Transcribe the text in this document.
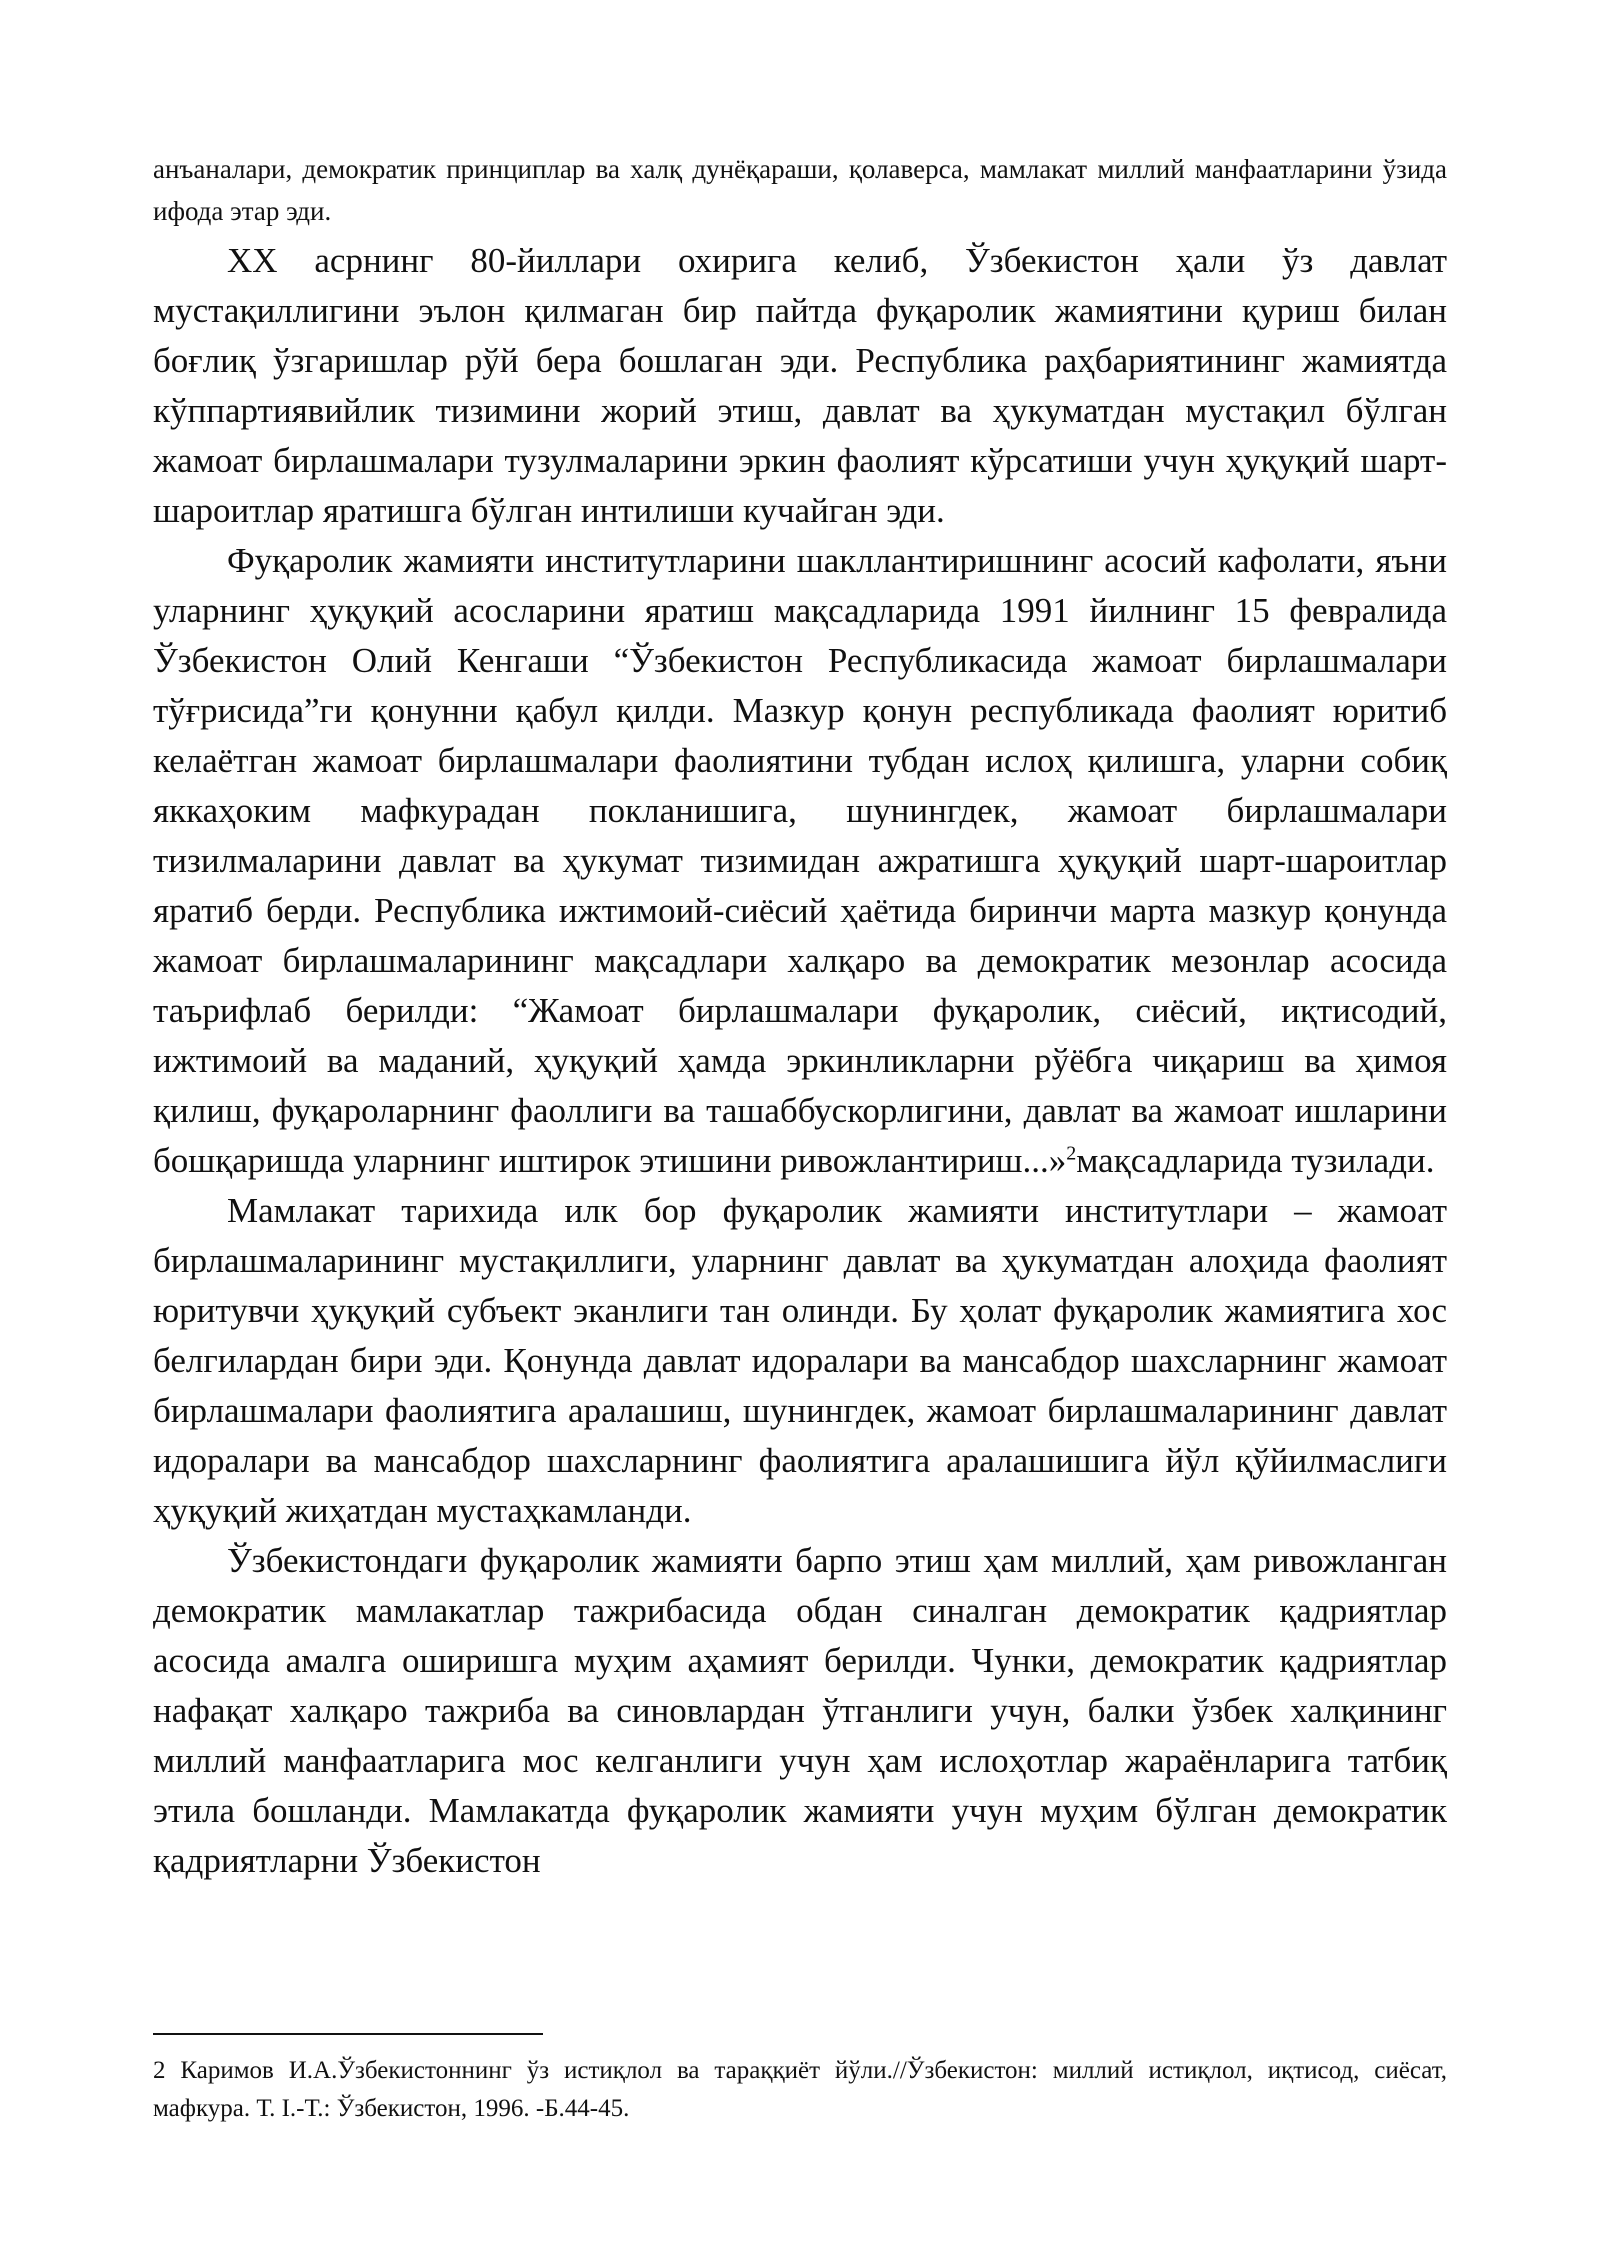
анъаналари, демократик принциплар ва халқ дунёқараши, қолаверса, мамлакат миллий манфаатларини ўзида ифода этар эди.

XX асрнинг 80-йиллари охирига келиб, Ўзбекистон ҳали ўз давлат мустақиллигини эълон қилмаган бир пайтда фуқаролик жамиятини қуриш билан боғлиқ ўзгаришлар рўй бера бошлаган эди. Республика раҳбариятининг жамиятда кўппартиявийлик тизимини жорий этиш, давлат ва ҳукуматдан мустақил бўлган жамоат бирлашмалари тузулмаларини эркин фаолият кўрсатиши учун ҳуқуқий шарт-шароитлар яратишга бўлган интилиши кучайган эди.

Фуқаролик жамияти институтларини шакллантиришнинг асосий кафолати, яъни уларнинг ҳуқуқий асосларини яратиш мақсадларида 1991 йилнинг 15 февралида Ўзбекистон Олий Кенгаши “Ўзбекистон Республикасида жамоат бирлашмалари тўғрисида”ги қонунни қабул қилди. Мазкур қонун республикада фаолият юритиб келаётган жамоат бирлашмалари фаолиятини тубдан ислоҳ қилишга, уларни собиқ яккаҳоким мафкурадан покланишига, шунингдек, жамоат бирлашмалари тизилмаларини давлат ва ҳукумат тизимидан ажратишга ҳуқуқий шарт-шароитлар яратиб берди. Республика ижтимоий-сиёсий ҳаётида биринчи марта мазкур қонунда жамоат бирлашмаларининг мақсадлари халқаро ва демократик мезонлар асосида таърифлаб берилди: “Жамоат бирлашмалари фуқаролик, сиёсий, иқтисодий, ижтимоий ва маданий, ҳуқуқий ҳамда эркинликларни рўёбга чиқариш ва ҳимоя қилиш, фуқароларнинг фаоллиги ва ташаббускорлигини, давлат ва жамоат ишларини бошқаришда уларнинг иштирок этишини ривожлантириш...»$^2$мақсадларида тузилади.

Мамлакат тарихида илк бор фуқаролик жамияти институтлари – жамоат бирлашмаларининг мустақиллиги, уларнинг давлат ва ҳукуматдан алоҳида фаолият юритувчи ҳуқуқий субъект эканлиги тан олинди. Бу ҳолат фуқаролик жамиятига хос белгилардан бири эди. Қонунда давлат идоралари ва мансабдор шахсларнинг жамоат бирлашмалари фаолиятига аралашиш, шунингдек, жамоат бирлашмаларининг давлат идоралари ва мансабдор шахсларнинг фаолиятига аралашишига йўл қўйилмаслиги ҳуқуқий жиҳатдан мустаҳкамланди.

Ўзбекистондаги фуқаролик жамияти барпо этиш ҳам миллий, ҳам ривожланган демократик мамлакатлар тажрибасида обдан синалган демократик қадриятлар асосида амалга оширишга муҳим аҳамият берилди. Чунки, демократик қадриятлар нафақат халқаро тажриба ва синовлардан ўтганлиги учун, балки ўзбек халқининг миллий манфаатларига мос келганлиги учун ҳам ислоҳотлар жараёнларига татбиқ этила бошланди. Мамлакатда фуқаролик жамияти учун муҳим бўлган демократик қадриятларни Ўзбекистон

2 Каримов И.А.Ўзбекистоннинг ўз истиқлол ва тараққиёт йўли.//Ўзбекистон: миллий истиқлол, иқтисод, сиёсат, мафкура. Т. I.-Т.: Ўзбекистон, 1996. -Б.44-45.
